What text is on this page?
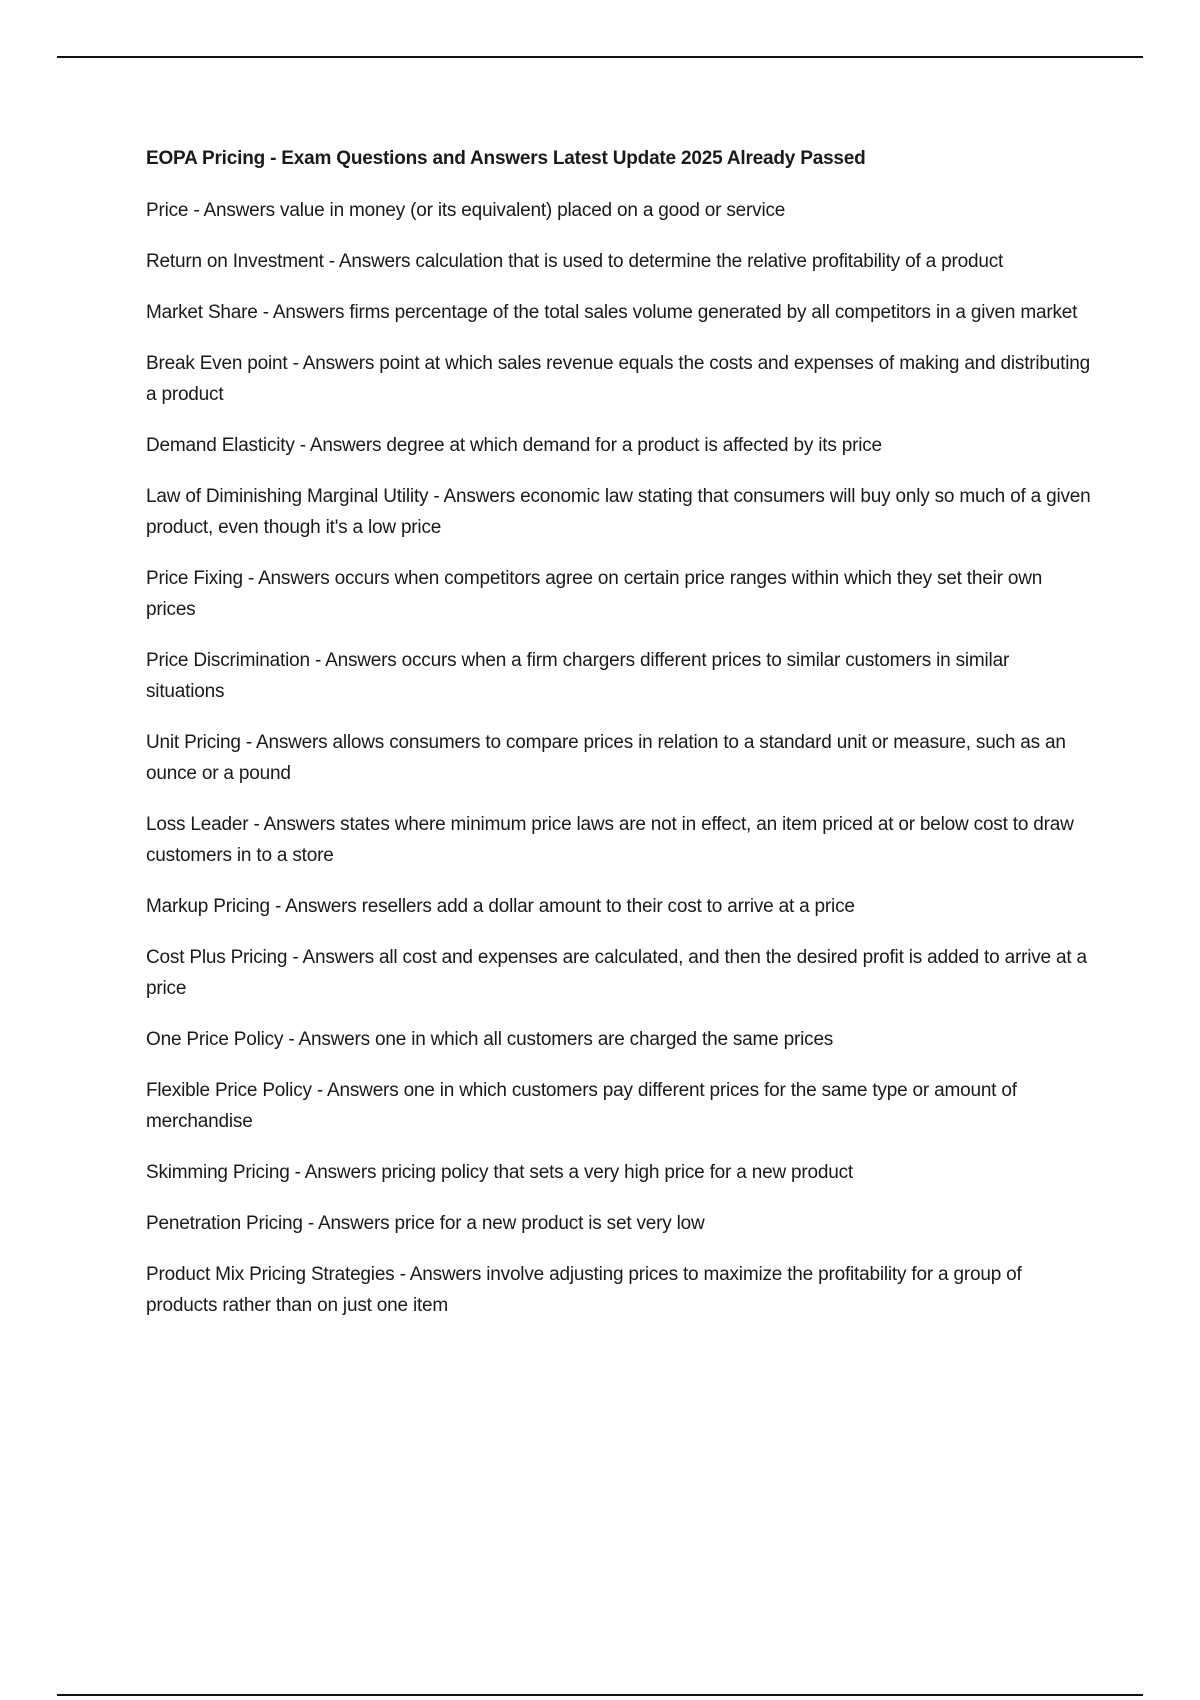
EOPA Pricing - Exam Questions and Answers Latest Update 2025 Already Passed

Price - Answers value in money (or its equivalent) placed on a good or service

Return on Investment - Answers calculation that is used to determine the relative profitability of a product

Market Share - Answers firms percentage of the total sales volume generated by all competitors in a given market

Break Even point - Answers point at which sales revenue equals the costs and expenses of making and distributing a product

Demand Elasticity - Answers degree at which demand for a product is affected by its price

Law of Diminishing Marginal Utility - Answers economic law stating that consumers will buy only so much of a given product, even though it's a low price

Price Fixing - Answers occurs when competitors agree on certain price ranges within which they set their own prices

Price Discrimination - Answers occurs when a firm chargers different prices to similar customers in similar situations

Unit Pricing - Answers allows consumers to compare prices in relation to a standard unit or measure, such as an ounce or a pound

Loss Leader - Answers states where minimum price laws are not in effect, an item priced at or below cost to draw customers in to a store

Markup Pricing - Answers resellers add a dollar amount to their cost to arrive at a price

Cost Plus Pricing - Answers all cost and expenses are calculated, and then the desired profit is added to arrive at a price

One Price Policy - Answers one in which all customers are charged the same prices

Flexible Price Policy - Answers one in which customers pay different prices for the same type or amount of merchandise

Skimming Pricing - Answers pricing policy that sets a very high price for a new product

Penetration Pricing - Answers price for a new product is set very low

Product Mix Pricing Strategies - Answers involve adjusting prices to maximize the profitability for a group of products rather than on just one item
